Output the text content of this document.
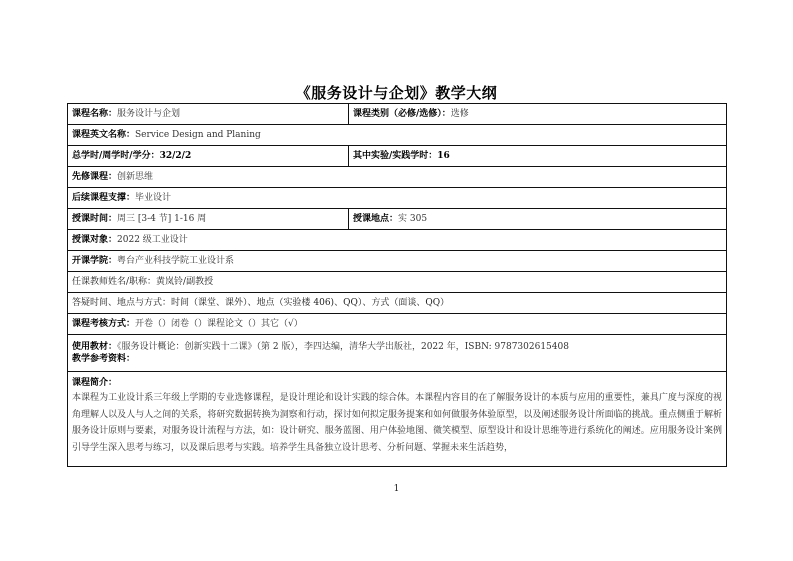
《服务设计与企划》教学大纲
课程名称：服务设计与企划	课程类别（必修/选修）：选修
课程英文名称：Service Design and Planing	
总学时/周学时/学分：32/2/2	其中实验/实践学时：16
先修课程：创新思维	
后续课程支撑：毕业设计	
授课时间：周三 [3-4 节] 1-16 周	授课地点：实 305
授课对象：2022 级工业设计	
开课学院：粤台产业科技学院工业设计系	
任课教师姓名/职称：黄岚铃/副教授	
答疑时间、地点与方式：时间（课堂、课外）、地点（实验楼 406)、QQ）、方式（面谈、QQ）	
课程考核方式：开卷（）闭卷（）课程论文（）其它（√）	

使用教材：《服务设计概论：创新实践十二课》（第 2 版），李四达编，清华大学出版社，2022 年，ISBN: 9787302615408
教学参考资料：	

课程简介：

本课程为工业设计系三年级上学期的专业选修课程，是设计理论和设计实践的综合体。本课程内容目的在了解服务设计的本质与应用的重要性，兼具广度与深度的视角理解人以及人与人之间的关系，将研究数据转换为洞察和行动，探讨如何拟定服务提案和如何做服务体验原型，以及阐述服务设计所面临的挑战。重点侧重于解析服务设计原则与要素，对服务设计流程与方法，如：设计研究、服务蓝图、用户体验地图、微笑模型、原型设计和设计思维等进行系统化的阐述。应用服务设计案例引导学生深入思考与练习，以及课后思考与实践。培养学生具备独立设计思考、分析问题、掌握未来生活趋势，	

1
